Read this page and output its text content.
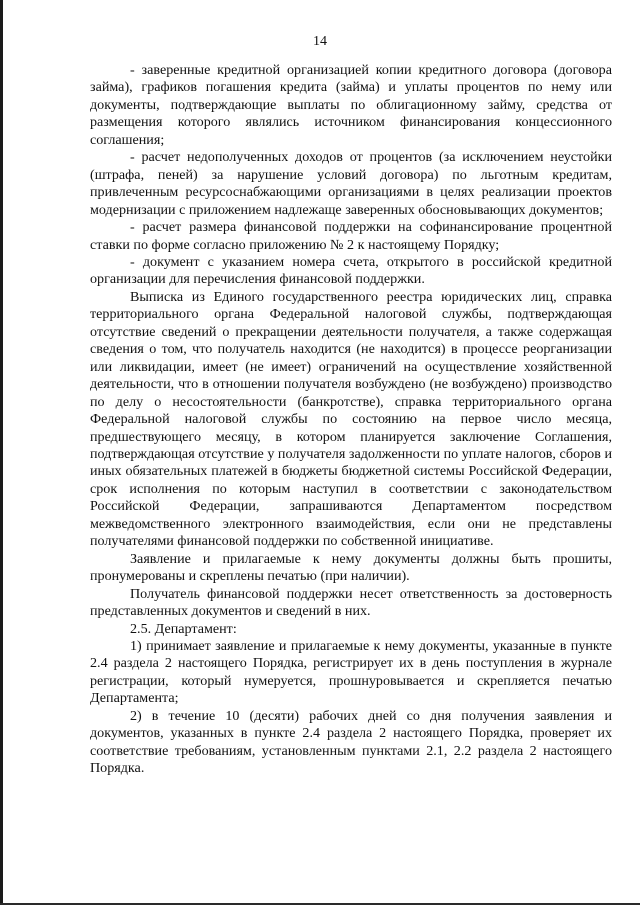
14

- заверенные кредитной организацией копии кредитного договора (договора займа), графиков погашения кредита (займа) и уплаты процентов по нему или документы, подтверждающие выплаты по облигационному займу, средства от размещения которого являлись источником финансирования концессионного соглашения;

- расчет недополученных доходов от процентов (за исключением неустойки (штрафа, пеней) за нарушение условий договора) по льготным кредитам, привлеченным ресурсоснабжающими организациями в целях реализации проектов модернизации с приложением надлежаще заверенных обосновывающих документов;

- расчет размера финансовой поддержки на софинансирование процентной ставки по форме согласно приложению № 2 к настоящему Порядку;

- документ с указанием номера счета, открытого в российской кредитной организации для перечисления финансовой поддержки.

Выписка из Единого государственного реестра юридических лиц, справка территориального органа Федеральной налоговой службы, подтверждающая отсутствие сведений о прекращении деятельности получателя, а также содержащая сведения о том, что получатель находится (не находится) в процессе реорганизации или ликвидации, имеет (не имеет) ограничений на осуществление хозяйственной деятельности, что в отношении получателя возбуждено (не возбуждено) производство по делу о несостоятельности (банкротстве), справка территориального органа Федеральной налоговой службы по состоянию на первое число месяца, предшествующего месяцу, в котором планируется заключение Соглашения, подтверждающая отсутствие у получателя задолженности по уплате налогов, сборов и иных обязательных платежей в бюджеты бюджетной системы Российской Федерации, срок исполнения по которым наступил в соответствии с законодательством Российской Федерации, запрашиваются Департаментом посредством межведомственного электронного взаимодействия, если они не представлены получателями финансовой поддержки по собственной инициативе.

Заявление и прилагаемые к нему документы должны быть прошиты, пронумерованы и скреплены печатью (при наличии).

Получатель финансовой поддержки несет ответственность за достоверность представленных документов и сведений в них.

2.5. Департамент:

1) принимает заявление и прилагаемые к нему документы, указанные в пункте 2.4 раздела 2 настоящего Порядка, регистрирует их в день поступления в журнале регистрации, который нумеруется, прошнуровывается и скрепляется печатью Департамента;

2) в течение 10 (десяти) рабочих дней со дня получения заявления и документов, указанных в пункте 2.4 раздела 2 настоящего Порядка, проверяет их соответствие требованиям, установленным пунктами 2.1, 2.2 раздела 2 настоящего Порядка.
